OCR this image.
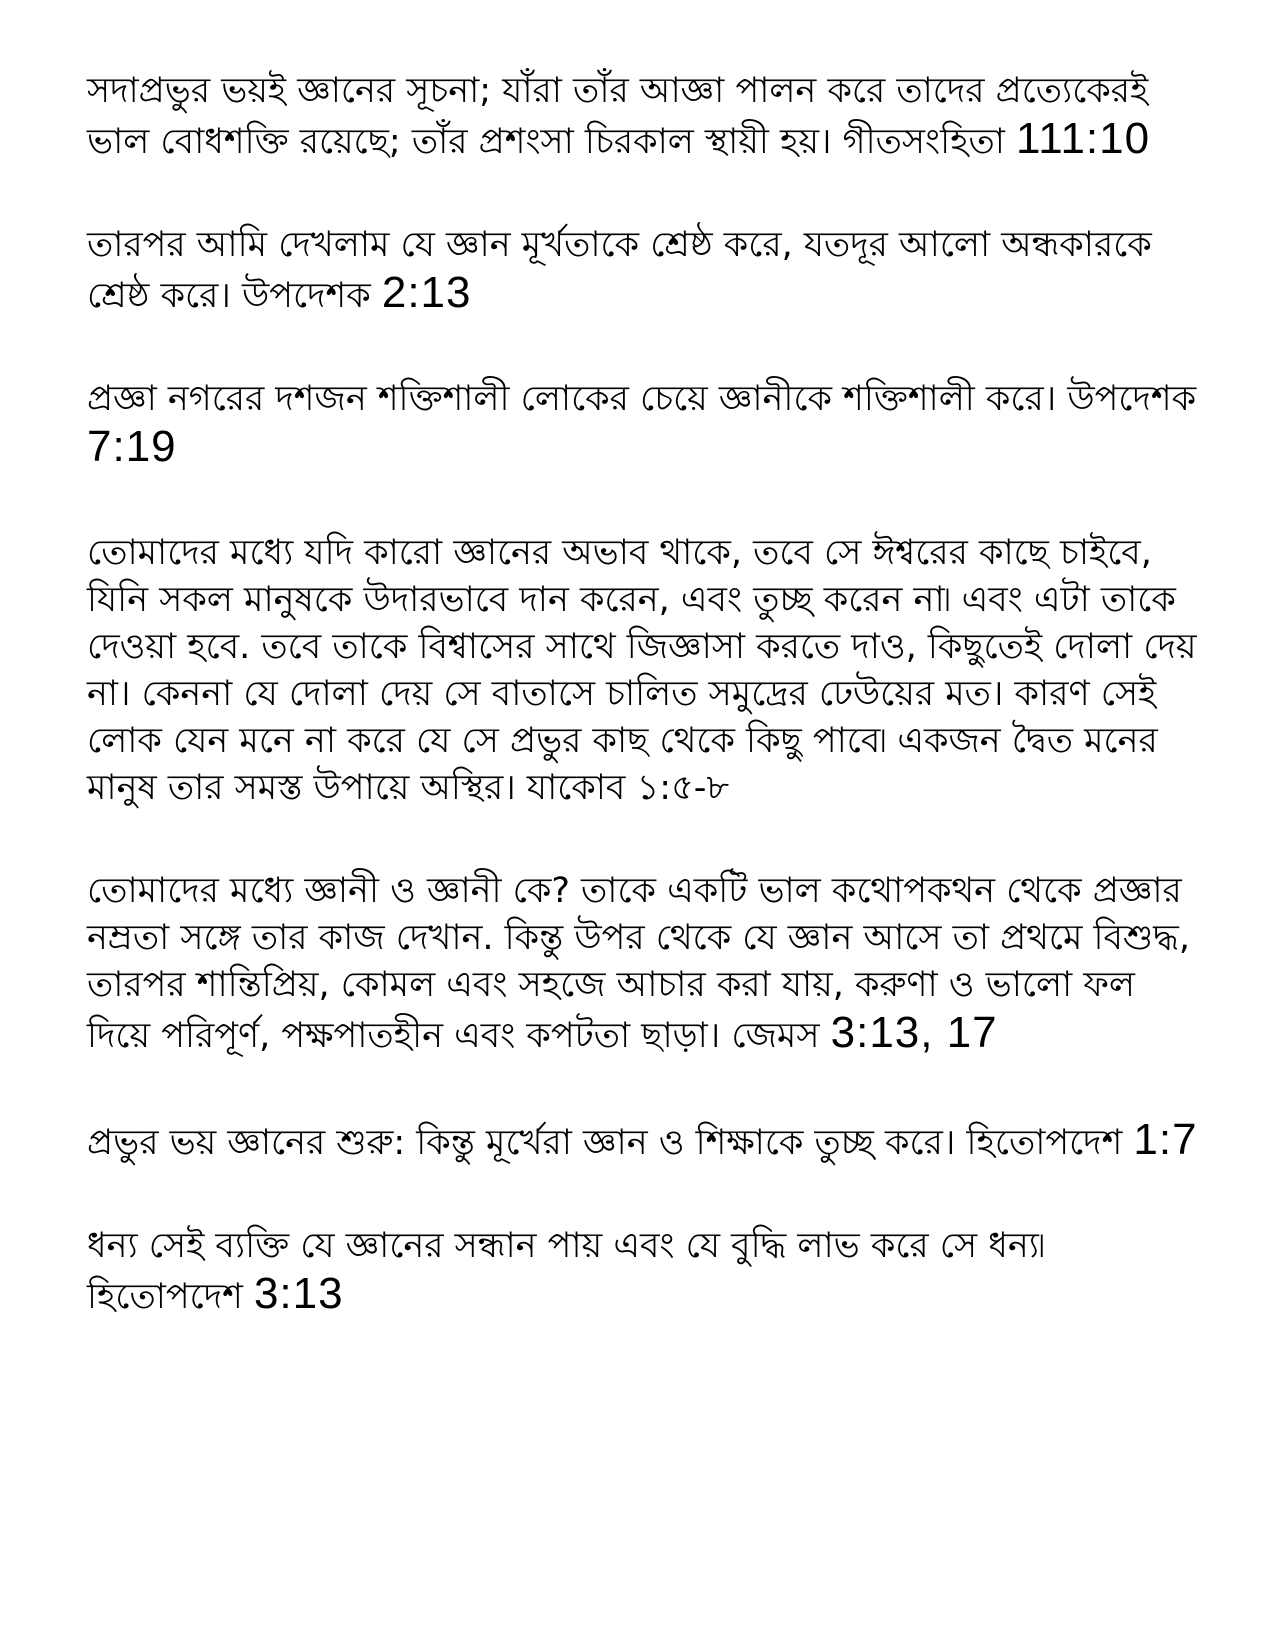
সদাপ্রভুর ভয়ই জ্ঞানের সূচনা; যাঁরা তাঁর আজ্ঞা পালন করে তাদের প্রত্যেকেরই ভাল বোধশক্তি রয়েছে; তাঁর প্রশংসা চিরকাল স্থায়ী হয়। গীতসংহিতা 111:10

তারপর আমি দেখলাম যে জ্ঞান মূর্খতাকে শ্রেষ্ঠ করে, যতদূর আলো অন্ধকারকে শ্রেষ্ঠ করে। উপদেশক 2:13

প্রজ্ঞা নগরের দশজন শক্তিশালী লোকের চেয়ে জ্ঞানীকে শক্তিশালী করে। উপদেশক 7:19

তোমাদের মধ্যে যদি কারো জ্ঞানের অভাব থাকে, তবে সে ঈশ্বরের কাছে চাইবে, যিনি সকল মানুষকে উদারভাবে দান করেন, এবং তুচ্ছ করেন না৷ এবং এটা তাকে দেওয়া হবে. তবে তাকে বিশ্বাসের সাথে জিজ্ঞাসা করতে দাও, কিছুতেই দোলা দেয় না। কেননা যে দোলা দেয় সে বাতাসে চালিত সমুদ্রের ঢেউয়ের মত। কারণ সেই লোক যেন মনে না করে যে সে প্রভুর কাছ থেকে কিছু পাবে৷ একজন দ্বৈত মনের মানুষ তার সমস্ত উপায়ে অস্থির। যাকোব ১:৫-৮

তোমাদের মধ্যে জ্ঞানী ও জ্ঞানী কে? তাকে একটি ভাল কথোপকথন থেকে প্রজ্ঞার নম্রতা সঙ্গে তার কাজ দেখান. কিন্তু উপর থেকে যে জ্ঞান আসে তা প্রথমে বিশুদ্ধ, তারপর শান্তিপ্রিয়, কোমল এবং সহজে আচার করা যায়, করুণা ও ভালো ফল দিয়ে পরিপূর্ণ, পক্ষপাতহীন এবং কপটতা ছাড়া। জেমস 3:13, 17

প্রভুর ভয় জ্ঞানের শুরু: কিন্তু মূর্খেরা জ্ঞান ও শিক্ষাকে তুচ্ছ করে। হিতোপদেশ 1:7

ধন্য সেই ব্যক্তি যে জ্ঞানের সন্ধান পায় এবং যে বুদ্ধি লাভ করে সে ধন্য৷ হিতোপদেশ 3:13
